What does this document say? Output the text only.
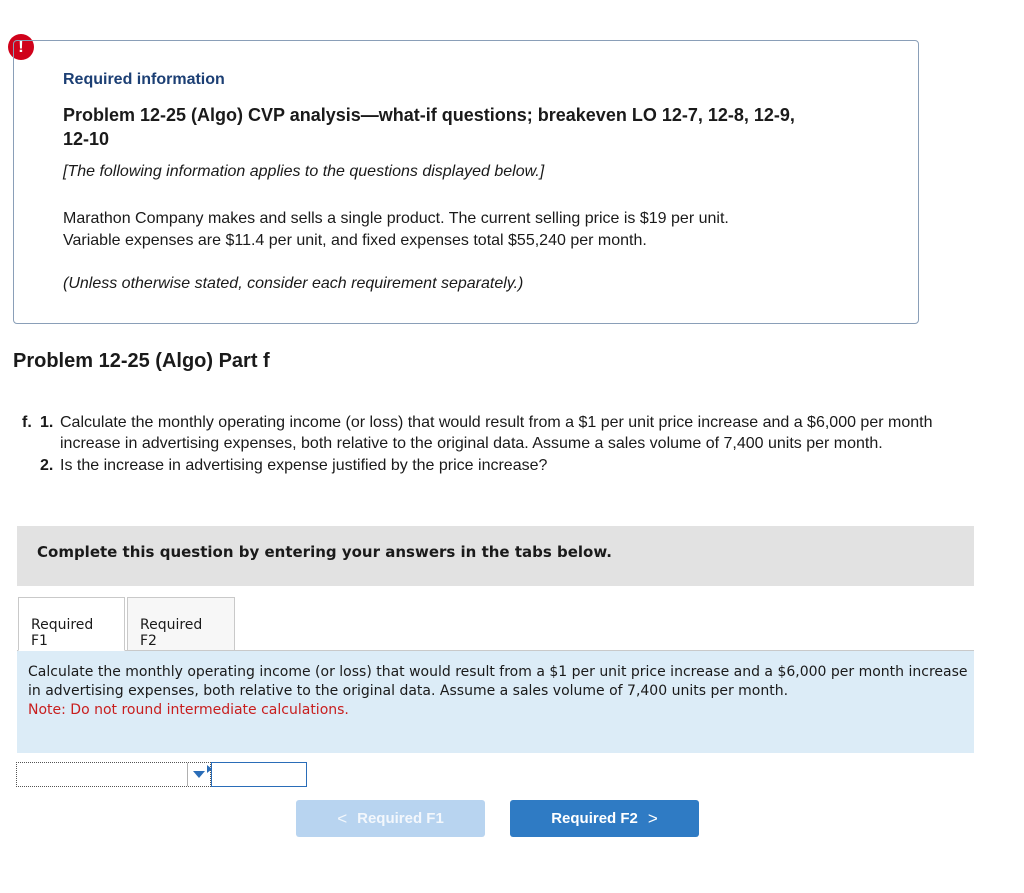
!
Required information
Problem 12-25 (Algo) CVP analysis—what-if questions; breakeven LO 12-7, 12-8, 12-9,
12-10
[The following information applies to the questions displayed below.]
Marathon Company makes and sells a single product. The current selling price is $19 per unit.
Variable expenses are $11.4 per unit, and fixed expenses total $55,240 per month.
(Unless otherwise stated, consider each requirement separately.)
Problem 12-25 (Algo) Part f
f. 1. Calculate the monthly operating income (or loss) that would result from a $1 per unit price increase and a $6,000 per month increase in advertising expenses, both relative to the original data. Assume a sales volume of 7,400 units per month.
2. Is the increase in advertising expense justified by the price increase?
Complete this question by entering your answers in the tabs below.
Required F1
Required F2
Calculate the monthly operating income (or loss) that would result from a $1 per unit price increase and a $6,000 per month increase in advertising expenses, both relative to the original data. Assume a sales volume of 7,400 units per month.
Note: Do not round intermediate calculations.
< Required F1	Required F2 >
